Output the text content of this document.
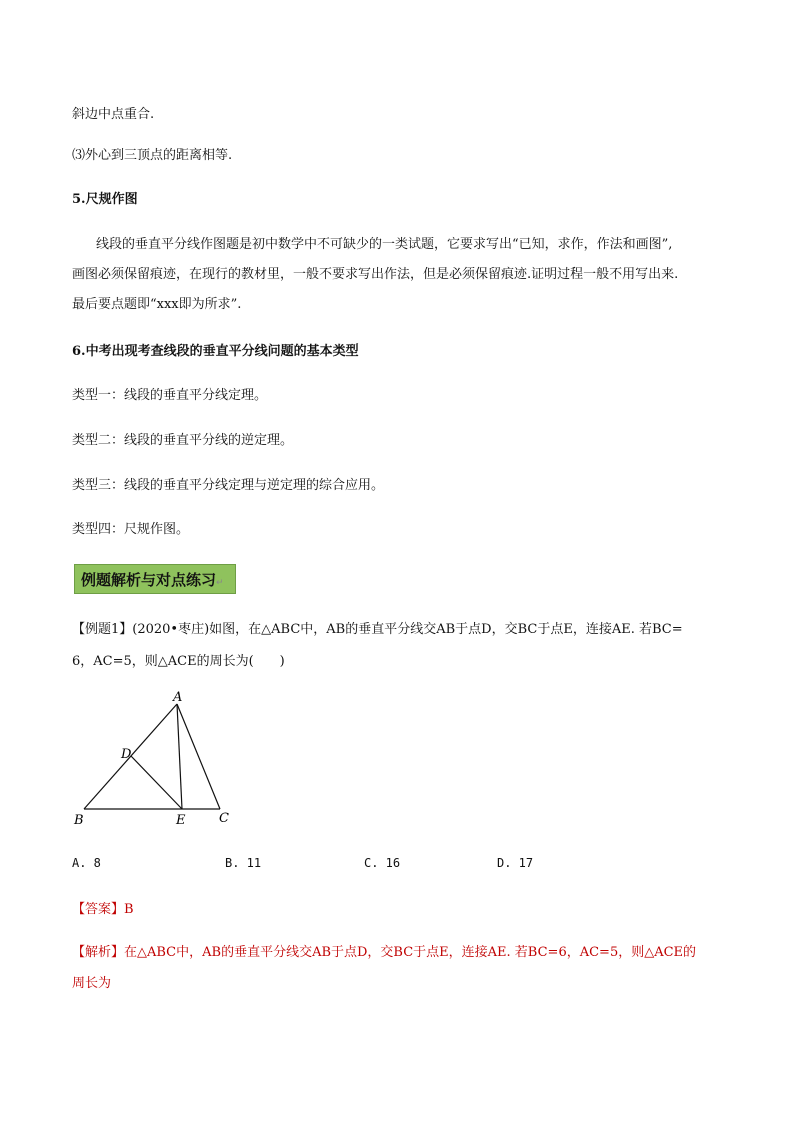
斜边中点重合.
⑶外心到三顶点的距离相等.
5.尺规作图
线段的垂直平分线作图题是初中数学中不可缺少的一类试题，它要求写出“已知，求作，作法和画图”,
画图必须保留痕迹，在现行的教材里，一般不要求写出作法，但是必须保留痕迹.证明过程一般不用写出来.
最后要点题即“xxx即为所求”.
6.中考出现考查线段的垂直平分线问题的基本类型
类型一：线段的垂直平分线定理。
类型二：线段的垂直平分线的逆定理。
类型三：线段的垂直平分线定理与逆定理的综合应用。
类型四：尺规作图。
例题解析与对点练习↵
【例题1】(2020•枣庄)如图，在△ABC中，AB的垂直平分线交AB于点D，交BC于点E，连接AE. 若BC=
6，AC=5，则△ACE的周长为(　　)
A
B	C
D
E
A. 8	B. 11	C. 16	D. 17
【答案】B
【解析】在△ABC中，AB的垂直平分线交AB于点D，交BC于点E，连接AE. 若BC=6，AC=5，则△ACE的
周长为
